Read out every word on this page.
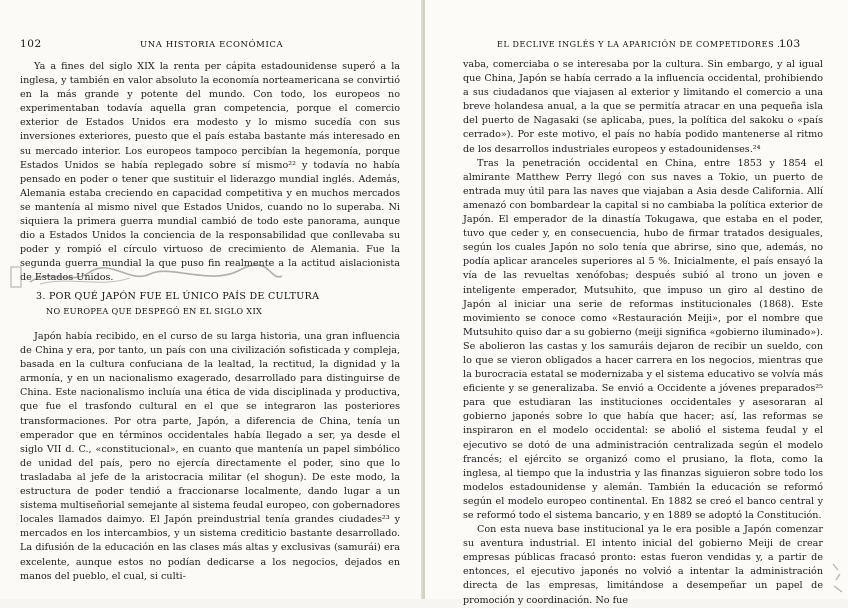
102	UNA HISTORIA ECONÓMICA

Ya a fines del siglo XIX la renta per cápita estadounidense superó a la inglesa, y también en valor absoluto la economía norteamericana se convirtió en la más grande y potente del mundo. Con todo, los europeos no experimentaban todavía aquella gran competencia, porque el comercio exterior de Estados Unidos era modesto y lo mismo sucedía con sus inversiones exteriores, puesto que el país estaba bastante más interesado en su mercado interior. Los europeos tampoco percibían la hegemonía, porque Estados Unidos se había replegado sobre sí mismo²² y todavía no había pensado en poder o tener que sustituir el liderazgo mundial inglés. Además, Alemania estaba creciendo en capacidad competitiva y en muchos mercados se mantenía al mismo nivel que Estados Unidos, cuando no lo superaba. Ni siquiera la primera guerra mundial cambió de todo este panorama, aunque dio a Estados Unidos la conciencia de la responsabilidad que conllevaba su poder y rompió el círculo virtuoso de crecimiento de Alemania. Fue la segunda guerra mundial la que puso fin realmente a la actitud aislacionista de Estados Unidos.

3. POR QUÉ JAPÓN FUE EL ÚNICO PAÍS DE CULTURA
NO EUROPEA QUE DESPEGÓ EN EL SIGLO XIX

Japón había recibido, en el curso de su larga historia, una gran influencia de China y era, por tanto, un país con una civilización sofisticada y compleja, basada en la cultura confuciana de la lealtad, la rectitud, la dignidad y la armonía, y en un nacionalismo exagerado, desarrollado para distinguirse de China. Este nacionalismo incluía una ética de vida disciplinada y productiva, que fue el trasfondo cultural en el que se integraron las posteriores transformaciones. Por otra parte, Japón, a diferencia de China, tenía un emperador que en términos occidentales había llegado a ser, ya desde el siglo VII d. C., «constitucional», en cuanto que mantenía un papel simbólico de unidad del país, pero no ejercía directamente el poder, sino que lo trasladaba al jefe de la aristocracia militar (el shogun). De este modo, la estructura de poder tendió a fraccionarse localmente, dando lugar a un sistema multiseñorial semejante al sistema feudal europeo, con gobernadores locales llamados daimyo. El Japón preindustrial tenía grandes ciudades²³ y mercados en los intercambios, y un sistema crediticio bastante desarrollado. La difusión de la educación en las clases más altas y exclusivas (samurái) era excelente, aunque estos no podían dedicarse a los negocios, dejados en manos del pueblo, el cual, si culti-

EL DECLIVE INGLÉS Y LA APARICIÓN DE COMPETIDORES ...
103

vaba, comerciaba o se interesaba por la cultura. Sin embargo, y al igual que China, Japón se había cerrado a la influencia occidental, prohibiendo a sus ciudadanos que viajasen al exterior y limitando el comercio a una breve holandesa anual, a la que se permitía atracar en una pequeña isla del puerto de Nagasaki (se aplicaba, pues, la política del sakoku o «país cerrado»). Por este motivo, el país no había podido mantenerse al ritmo de los desarrollos industriales europeos y estadounidenses.²⁴

Tras la penetración occidental en China, entre 1853 y 1854 el almirante Matthew Perry llegó con sus naves a Tokio, un puerto de entrada muy útil para las naves que viajaban a Asia desde California. Allí amenazó con bombardear la capital si no cambiaba la política exterior de Japón. El emperador de la dinastía Tokugawa, que estaba en el poder, tuvo que ceder y, en consecuencia, hubo de firmar tratados desiguales, según los cuales Japón no solo tenía que abrirse, sino que, además, no podía aplicar aranceles superiores al 5 %. Inicialmente, el país ensayó la vía de las revueltas xenófobas; después subió al trono un joven e inteligente emperador, Mutsuhito, que impuso un giro al destino de Japón al iniciar una serie de reformas institucionales (1868). Este movimiento se conoce como «Restauración Meiji», por el nombre que Mutsuhito quiso dar a su gobierno (meiji significa «gobierno iluminado»). Se abolieron las castas y los samuráis dejaron de recibir un sueldo, con lo que se vieron obligados a hacer carrera en los negocios, mientras que la burocracia estatal se modernizaba y el sistema educativo se volvía más eficiente y se generalizaba. Se envió a Occidente a jóvenes preparados²⁵ para que estudiaran las instituciones occidentales y asesoraran al gobierno japonés sobre lo que había que hacer; así, las reformas se inspiraron en el modelo occidental: se abolió el sistema feudal y el ejecutivo se dotó de una administración centralizada según el modelo francés; el ejército se organizó como el prusiano, la flota, como la inglesa, al tiempo que la industria y las finanzas siguieron sobre todo los modelos estadounidense y alemán. También la educación se reformó según el modelo europeo continental. En 1882 se creó el banco central y se reformó todo el sistema bancario, y en 1889 se adoptó la Constitución.

Con esta nueva base institucional ya le era posible a Japón comenzar su aventura industrial. El intento inicial del gobierno Meiji de crear empresas públicas fracasó pronto: estas fueron vendidas y, a partir de entonces, el ejecutivo japonés no volvió a intentar la administración directa de las empresas, limitándose a desempeñar un papel de promoción y coordinación. No fue
